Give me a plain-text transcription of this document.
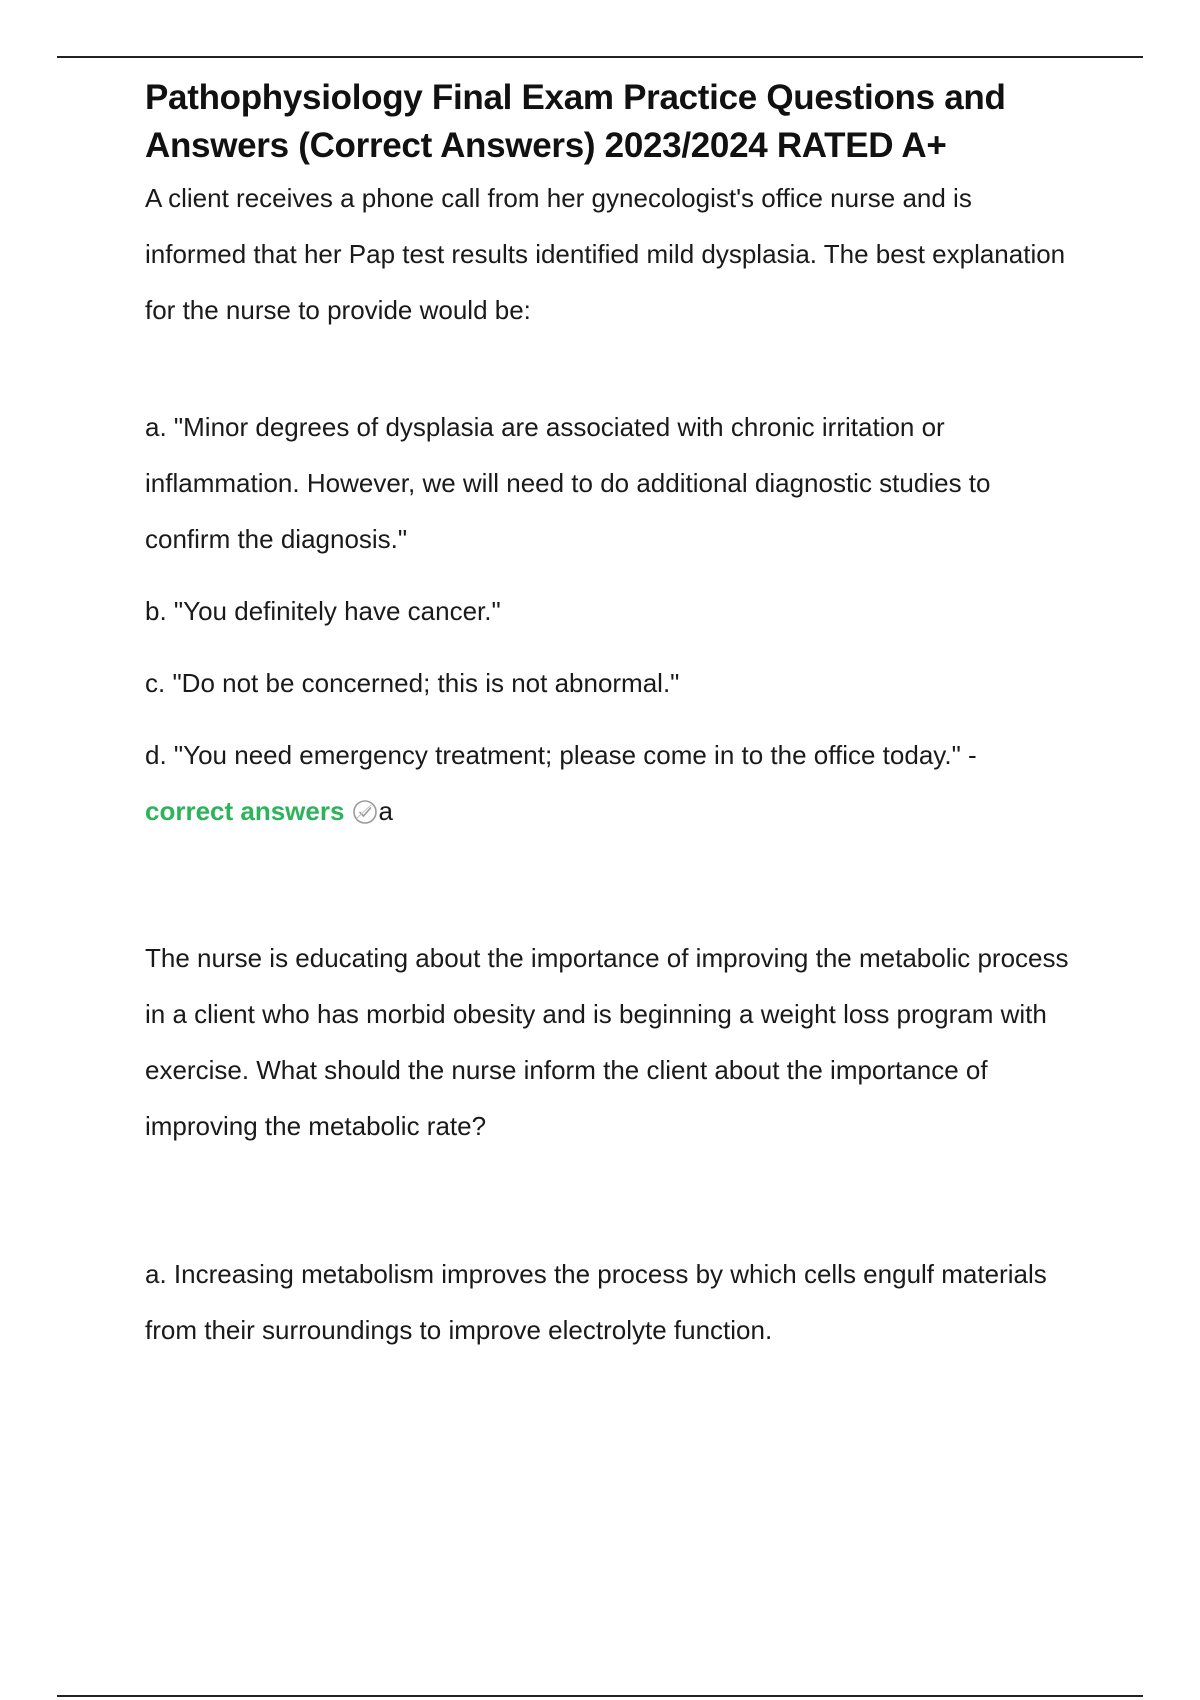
Pathophysiology Final Exam Practice Questions and Answers (Correct Answers) 2023/2024 RATED A+

A client receives a phone call from her gynecologist's office nurse and is informed that her Pap test results identified mild dysplasia. The best explanation for the nurse to provide would be:

a. "Minor degrees of dysplasia are associated with chronic irritation or inflammation. However, we will need to do additional diagnostic studies to confirm the diagnosis."

b. "You definitely have cancer."

c. "Do not be concerned; this is not abnormal."

d. "You need emergency treatment; please come in to the office today." -

correct answers a

The nurse is educating about the importance of improving the metabolic process in a client who has morbid obesity and is beginning a weight loss program with exercise. What should the nurse inform the client about the importance of improving the metabolic rate?

a. Increasing metabolism improves the process by which cells engulf materials from their surroundings to improve electrolyte function.
